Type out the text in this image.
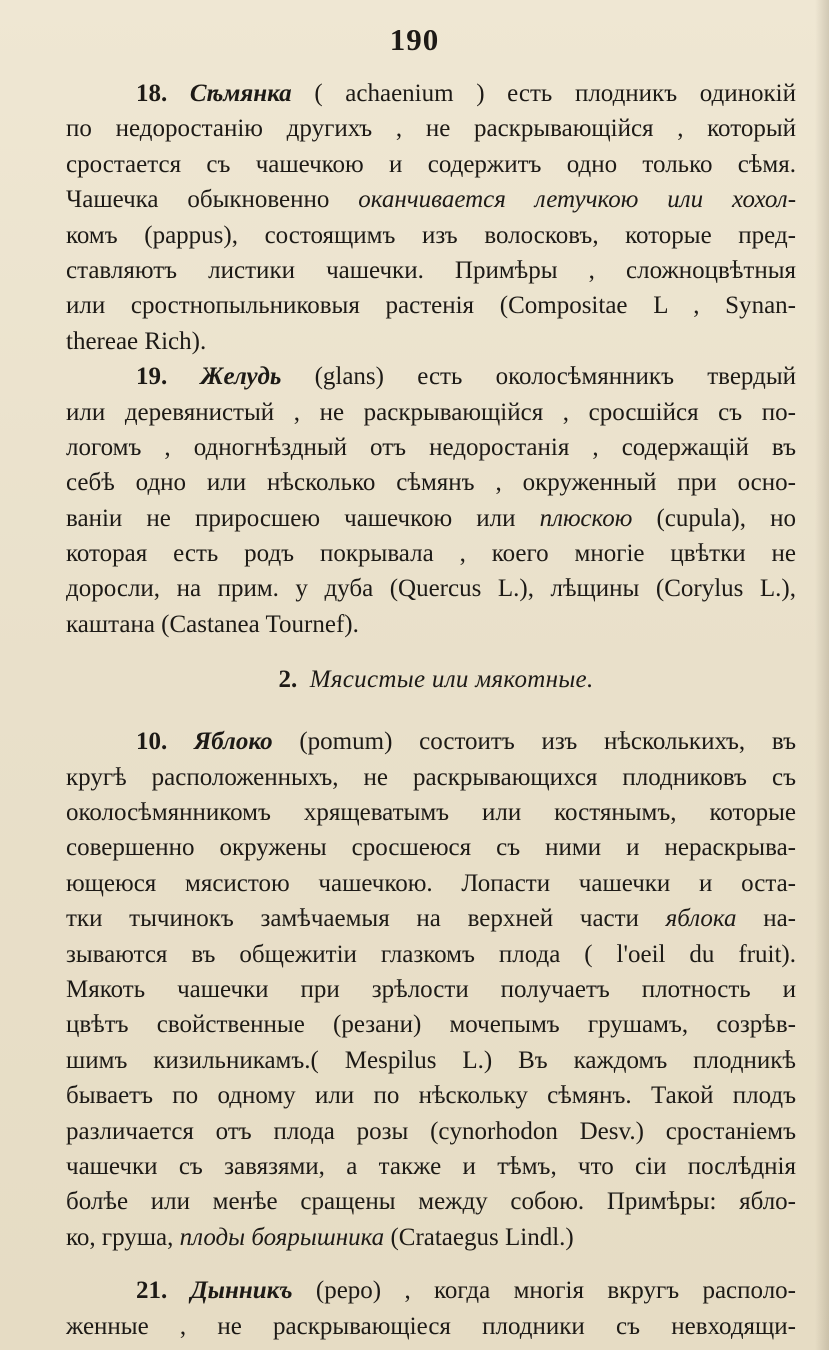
190
18. Сѣмянка ( achaenium ) есть плодникъ одинокій
по недоростанію другихъ , не раскрывающійся , который
сростается съ чашечкою и содержитъ одно только сѣмя.
Чашечка обыкновенно оканчивается летучкою или хохол-
комъ (pappus), состоящимъ изъ волосковъ, которые пред-
ставляютъ листики чашечки. Примѣры , сложноцвѣтныя
или сростнопыльниковыя растенія (Compositae L , Synan-
thereae Rich).
19. Желудь (glans) есть околосѣмянникъ твердый
или деревянистый , не раскрывающійся , сросшійся съ по-
логомъ , одногнѣздный отъ недоростанія , содержащій въ
себѣ одно или нѣсколько сѣмянъ , окруженный при осно-
ваніи не приросшею чашечкою или плюскою (cupula), но
которая есть родъ покрывала , коего многіе цвѣтки не
доросли, на прим. у дуба (Quercus L.), лѣщины (Corylus L.),
каштана (Castanea Tournef).
2. Мясистые или мякотные.
10. Яблоко (pomum) состоитъ изъ нѣсколькихъ, въ
кругѣ расположенныхъ, не раскрывающихся плодниковъ съ
околосѣмянникомъ хрящеватымъ или костянымъ, которые
совершенно окружены сросшеюся съ ними и нераскрыва-
ющеюся мясистою чашечкою. Лопасти чашечки и оста-
тки тычинокъ замѣчаемыя на верхней части яблока на-
зываются въ общежитіи глазкомъ плода ( l'oeil du fruit).
Мякоть чашечки при зрѣлости получаетъ плотность и
цвѣтъ свойственные (резани) мочепымъ грушамъ, созрѣв-
шимъ кизильникамъ.( Mespilus L.) Въ каждомъ плодникѣ
бываетъ по одному или по нѣскольку сѣмянъ. Такой плодъ
различается отъ плода розы (cynorhodon Desv.) сростаніемъ
чашечки съ завязями, а также и тѣмъ, что сіи послѣднія
болѣе или менѣе сращены между собою. Примѣры: ябло-
ко, груша, плоды боярышника (Crataegus Lindl.)
21. Дынникъ (pepo) , когда многія вкругъ располо-
женные , не раскрывающіеся плодники съ невходящи-
